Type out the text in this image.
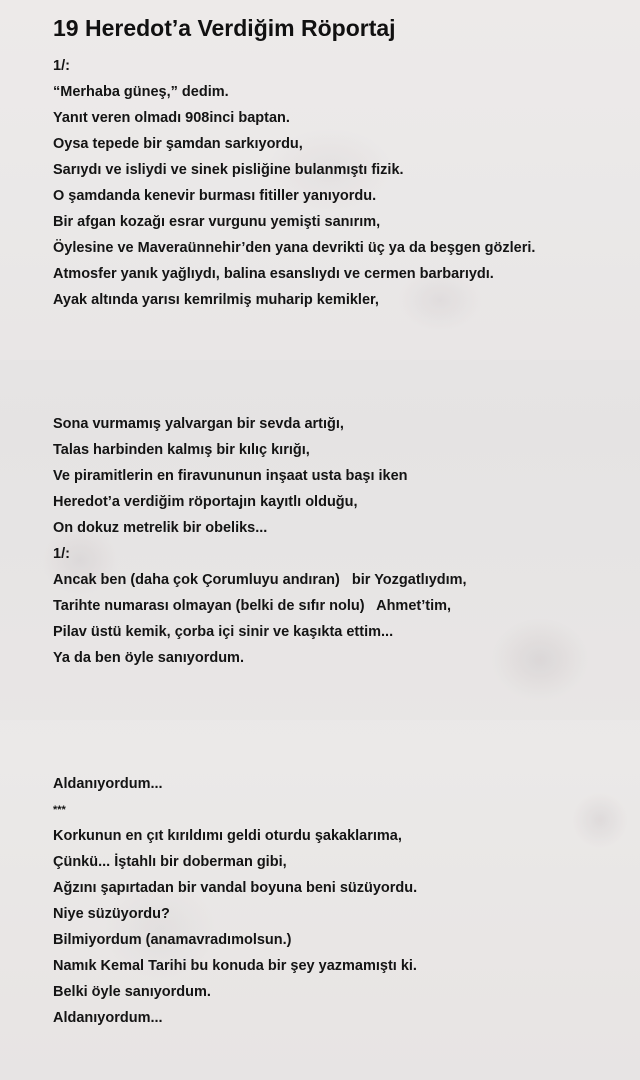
19 Heredot’a Verdiğim Röportaj
1/:
“Merhaba güneş,” dedim.
Yanıt veren olmadı 908inci baptan.
Oysa tepede bir şamdan sarkıyordu,
Sarıydı ve isliydi ve sinek pisliğine bulanmıştı fizik.
O şamdanda kenevir burması fitiller yanıyordu.
Bir afgan kozağı esrar vurgunu yemişti sanırım,
Öylesine ve Maveraünnehir’den yana devrikti üç ya da beşgen gözleri.
Atmosfer yanık yağlıydı, balina esanslıydı ve cermen barbarıydı.
Ayak altında yarısı kemrilmiş muharip kemikler,
Sona vurmamış yalvargan bir sevda artığı,
Talas harbinden kalmış bir kılıç kırığı,
Ve piramitlerin en firavununun inşaat usta başı iken
Heredot’a verdiğim röportajın kayıtlı olduğu,
On dokuz metrelik bir obeliks...
1/:
Ancak ben (daha çok Çorumluyu andıran)   bir Yozgatlıydım,
Tarihte numarası olmayan (belki de sıfır nolu)   Ahmet’tim,
Pilav üstü kemik, çorba içi sinir ve kaşıkta ettim...
Ya da ben öyle sanıyordum.
Aldanıyordum...
***
Korkunun en çıt kırıldımı geldi oturdu şakaklarıma,
Çünkü... İştahlı bir doberman gibi,
Ağzını şapırtadan bir vandal boyuna beni süzüyordu.
Niye süzüyordu?
Bilmiyordum (anamavradımolsun.)
Namık Kemal Tarihi bu konuda bir şey yazmamıştı ki.
Belki öyle sanıyordum.
Aldanıyordum...
